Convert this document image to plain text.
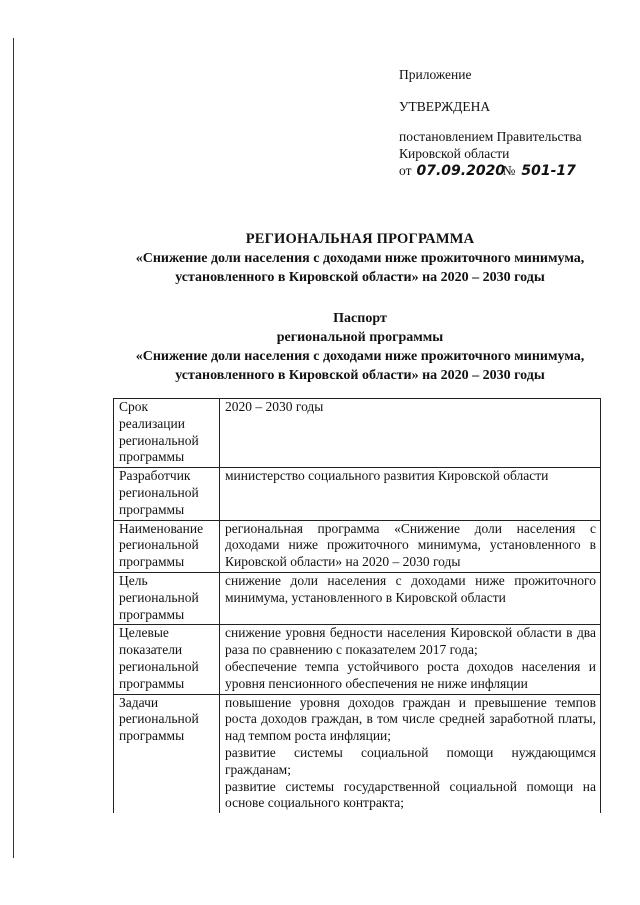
Приложение
УТВЕРЖДЕНА
постановлением Правительства
Кировской области
от 07.09.2020
№ 501-17
РЕГИОНАЛЬНАЯ ПРОГРАММА
«Снижение доли населения с доходами ниже прожиточного минимума,
установленного в Кировской области» на 2020 – 2030 годы
Паспорт
региональной программы
«Снижение доли населения с доходами ниже прожиточного минимума,
установленного в Кировской области» на 2020 – 2030 годы
Срок реализации региональной программы	2020 – 2030 годы

Разработчик региональной программы	министерство социального развития Кировской области

Наименование региональной программы	региональная программа «Снижение доли населения с доходами ниже прожиточного минимума, установленного в Кировской области» на 2020 – 2030 годы

Цель региональной программы	снижение доли населения с доходами ниже прожиточного минимума, установленного в Кировской области

Целевые показатели региональной программы	снижение уровня бедности населения Кировской области в два раза по сравнению с показателем 2017 года;
обеспечение темпа устойчивого роста доходов населения и уровня пенсионного обеспечения не ниже инфляции

Задачи региональной программы	повышение уровня доходов граждан и превышение темпов роста доходов граждан, в том числе средней заработной платы, над темпом роста инфляции;
развитие системы социальной помощи нуждающимся гражданам;
развитие системы государственной социальной помощи на основе социального контракта;
